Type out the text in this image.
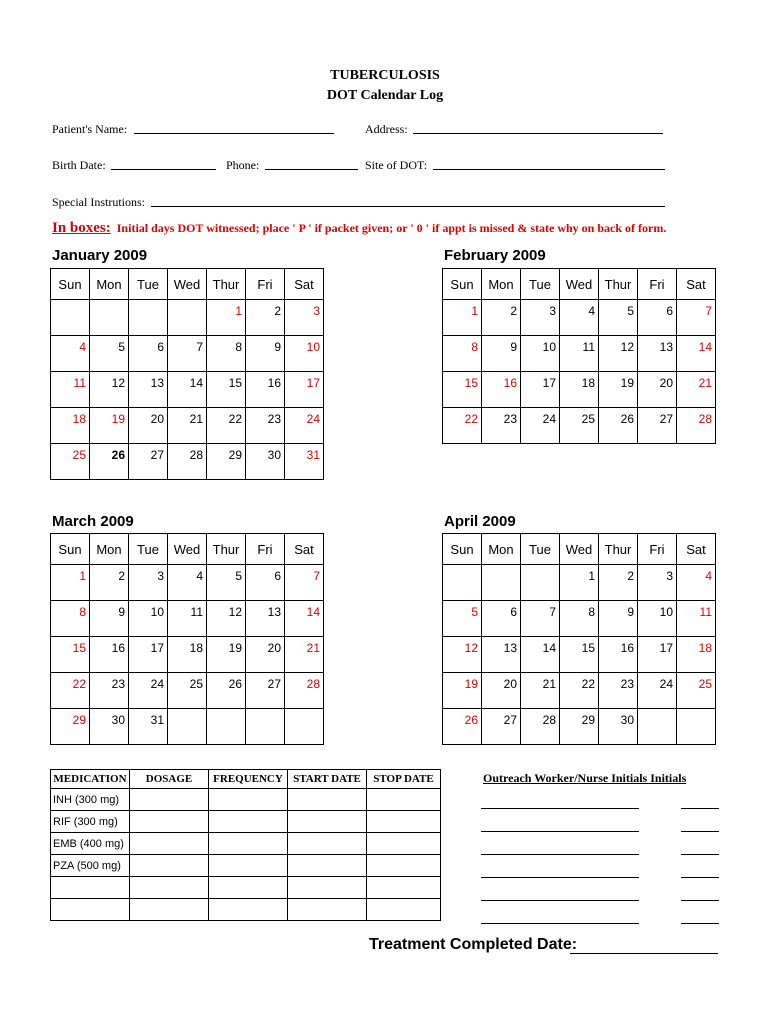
TUBERCULOSIS
DOT Calendar Log
Patient's Name:	Address:
Birth Date:	Phone:	Site of DOT:
Special Instrutions:
In boxes: Initial days DOT witnessed; place ' P ' if packet given; or ' 0 ' if appt is missed & state why on back of form.
January 2009
Sun	Mon	Tue	Wed	Thur	Fri	Sat
				1	2	3
4	5	6	7	8	9	10
11	12	13	14	15	16	17
18	19	20	21	22	23	24
25	26	27	28	29	30	31
February 2009
Sun	Mon	Tue	Wed	Thur	Fri	Sat
1	2	3	4	5	6	7
8	9	10	11	12	13	14
15	16	17	18	19	20	21
22	23	24	25	26	27	28
March 2009
Sun	Mon	Tue	Wed	Thur	Fri	Sat
1	2	3	4	5	6	7
8	9	10	11	12	13	14
15	16	17	18	19	20	21
22	23	24	25	26	27	28
29	30	31				
April 2009
Sun	Mon	Tue	Wed	Thur	Fri	Sat
			1	2	3	4
5	6	7	8	9	10	11
12	13	14	15	16	17	18
19	20	21	22	23	24	25
26	27	28	29	30		
MEDICATION	DOSAGE	FREQUENCY	START DATE	STOP DATE
INH (300 mg)				
RIF (300 mg)				
EMB (400 mg)				
PZA (500 mg)				

Outreach Worker/Nurse Initials Initials
Treatment Completed Date:
